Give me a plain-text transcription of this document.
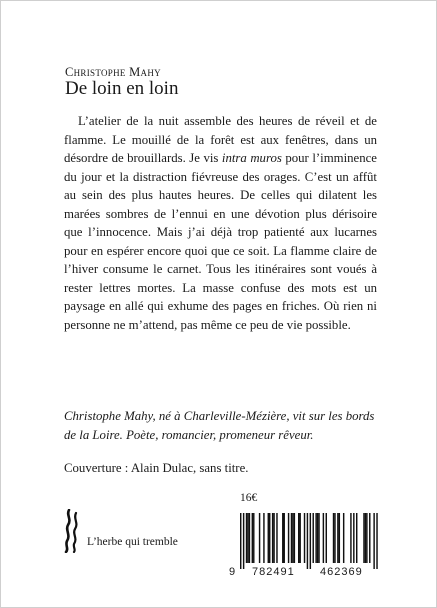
Christophe Mahy
De loin en loin

L’atelier de la nuit assemble des heures de réveil et de flamme. Le mouillé de la forêt est aux fenêtres, dans un désordre de brouillards. Je vis intra muros pour l’imminence du jour et la distraction fiévreuse des orages. C’est un affût au sein des plus hautes heures. De celles qui dilatent les marées sombres de l’ennui en une dévotion plus dérisoire que l’innocence. Mais j’ai déjà trop patienté aux lucarnes pour en espérer encore quoi que ce soit. La flamme claire de l’hiver consume le carnet. Tous les itinéraires sont voués à rester lettres mortes. La masse confuse des mots est un paysage en allé qui exhume des pages en friches. Où rien ni personne ne m’attend, pas même ce peu de vie possible.

Christophe Mahy, né à Charleville-Mézière, vit sur les bords de la Loire. Poète, romancier, promeneur rêveur.

Couverture : Alain Dulac, sans titre.
L’herbe qui tremble
16€
9 782491 462369
